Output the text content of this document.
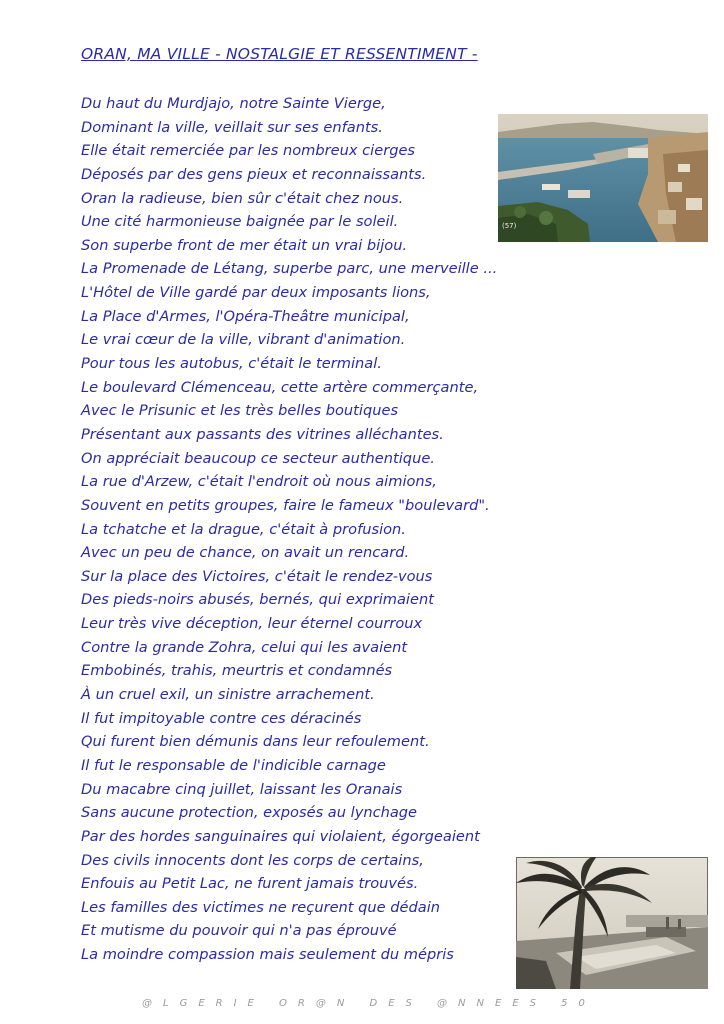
ORAN, MA VILLE - NOSTALGIE ET RESSENTIMENT -
Du haut du Murdjajo, notre Sainte Vierge,
Dominant la ville, veillait sur ses enfants.
Elle était remerciée par les nombreux cierges
Déposés par des gens pieux et reconnaissants.
Oran la radieuse, bien sûr c'était chez nous.
Une cité harmonieuse baignée par le soleil.
Son superbe front de mer était un vrai bijou.
La Promenade de Létang, superbe parc, une merveille ...
L'Hôtel de Ville gardé par deux imposants lions,
La Place d'Armes, l'Opéra-Theâtre municipal,
Le vrai cœur de la ville, vibrant d'animation.
Pour tous les autobus, c'était le terminal.
Le boulevard Clémenceau, cette artère commerçante,
Avec le Prisunic et les très belles boutiques
Présentant aux passants des vitrines alléchantes.
On appréciait beaucoup ce secteur authentique.
La rue d'Arzew, c'était l'endroit où nous aimions,
Souvent en petits groupes, faire le fameux "boulevard".
La tchatche et la drague, c'était à profusion.
Avec un peu de chance, on avait un rencard.
Sur la place des Victoires, c'était le rendez-vous
Des pieds-noirs abusés, bernés, qui exprimaient
Leur très vive déception, leur éternel courroux
Contre la grande Zohra, celui qui les avaient
Embobinés, trahis, meurtris et condamnés
À un cruel exil, un sinistre arrachement.
Il fut impitoyable contre ces déracinés
Qui furent bien démunis dans leur refoulement.
Il fut le responsable de l'indicible carnage
Du macabre cinq juillet, laissant les Oranais
Sans aucune protection, exposés au lynchage
Par des hordes sanguinaires qui violaient, égorgeaient
Des civils innocents dont les corps de certains,
Enfouis au Petit Lac, ne furent jamais trouvés.
Les familles des victimes ne reçurent que dédain
Et mutisme du pouvoir qui n'a pas éprouvé
La moindre compassion mais seulement du mépris
(57)
@LGERIE OR@N DES @NNEES 50
